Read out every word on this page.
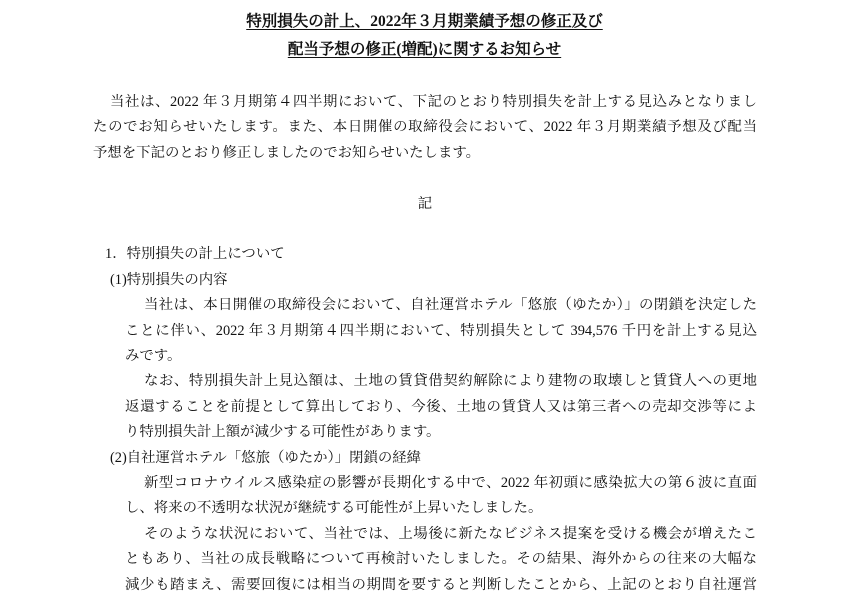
特別損失の計上、2022年３月期業績予想の修正及び
配当予想の修正(増配)に関するお知らせ
当社は、2022 年３月期第４四半期において、下記のとおり特別損失を計上する見込みとなりまし
たのでお知らせいたします。また、本日開催の取締役会において、2022 年３月期業績予想及び配当
予想を下記のとおり修正しましたのでお知らせいたします。
記
1．特別損失の計上について
(1)特別損失の内容
当社は、本日開催の取締役会において、自社運営ホテル「悠旅（ゆたか）」の閉鎖を決定した
ことに伴い、2022 年３月期第４四半期において、特別損失として 394,576 千円を計上する見込
みです。
なお、特別損失計上見込額は、土地の賃貸借契約解除により建物の取壊しと賃貸人への更地
返還することを前提として算出しており、今後、土地の賃貸人又は第三者への売却交渉等によ
り特別損失計上額が減少する可能性があります。
(2)自社運営ホテル「悠旅（ゆたか）」閉鎖の経緯
新型コロナウイルス感染症の影響が長期化する中で、2022 年初頭に感染拡大の第６波に直面
し、将来の不透明な状況が継続する可能性が上昇いたしました。
そのような状況において、当社では、上場後に新たなビジネス提案を受ける機会が増えたこ
ともあり、当社の成長戦略について再検討いたしました。その結果、海外からの往来の大幅な
減少も踏まえ、需要回復には相当の期間を要すると判断したことから、上記のとおり自社運営
